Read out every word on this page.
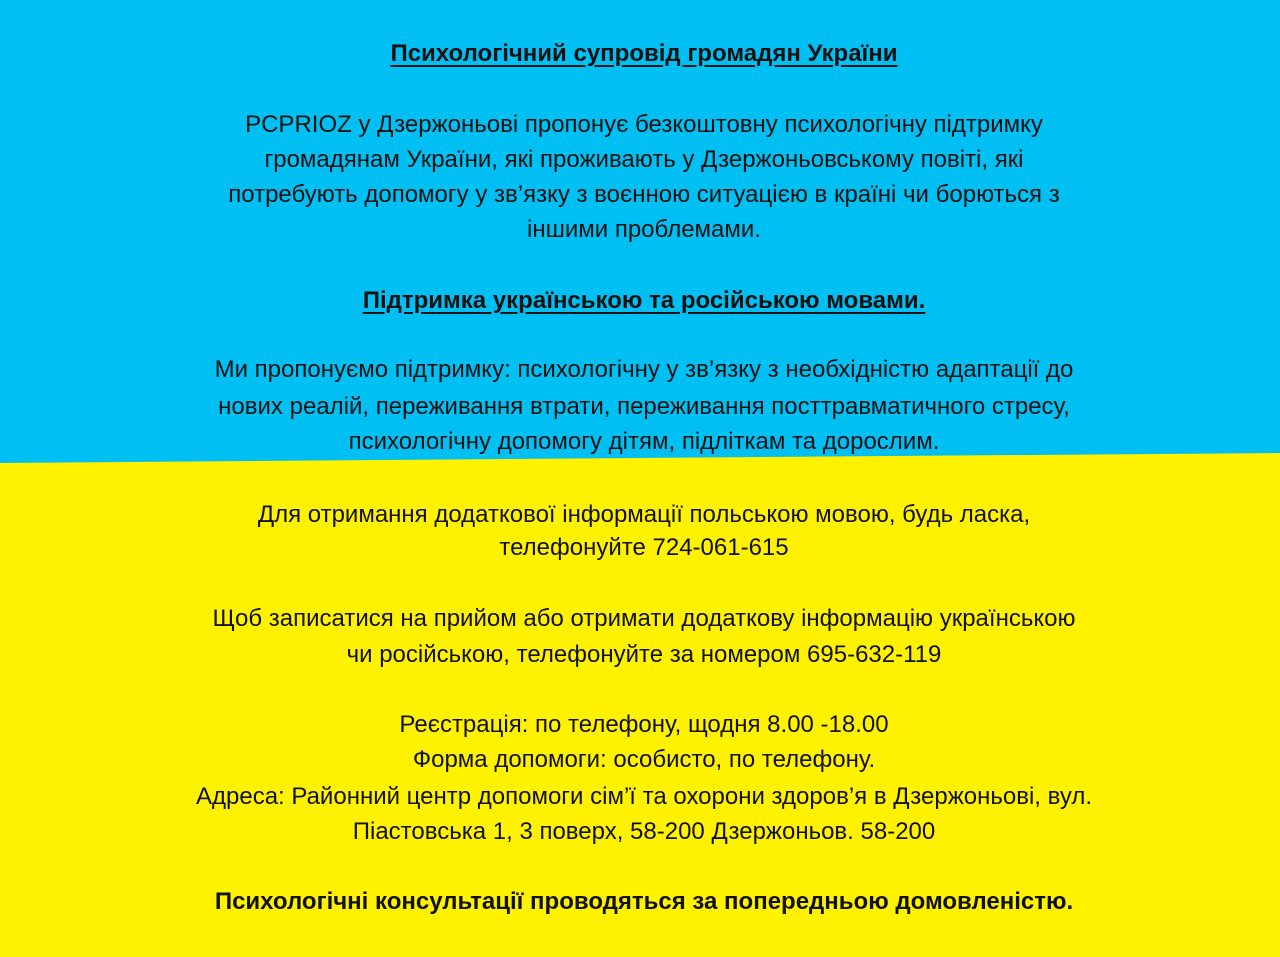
Психологічний супровід громадян України
PCPRIOZ у Дзержоньові пропонує безкоштовну психологічну підтримку
громадянам України, які проживають у Дзержоньовському повіті, які
потребують допомогу у зв’язку з воєнною ситуацією в країні чи борються з
іншими проблемами.
Підтримка українською та російською мовами.
Ми пропонуємо підтримку: психологічну у зв’язку з необхідністю адаптації до
нових реалій, переживання втрати, переживання посттравматичного стресу,
психологічну допомогу дітям, підліткам та дорослим.
Для отримання додаткової інформації польською мовою, будь ласка,
телефонуйте 724-061-615
Щоб записатися на прийом або отримати додаткову інформацію українською
чи російською, телефонуйте за номером 695-632-119
Реєстрація: по телефону, щодня 8.00 -18.00
Форма допомоги: особисто, по телефону.
Адреса: Районний центр допомоги сім’ї та охорони здоров’я в Дзержоньові, вул.
Піастовська 1, 3 поверх, 58-200 Дзержоньов. 58-200
Психологічні консультації проводяться за попередньою домовленістю.
